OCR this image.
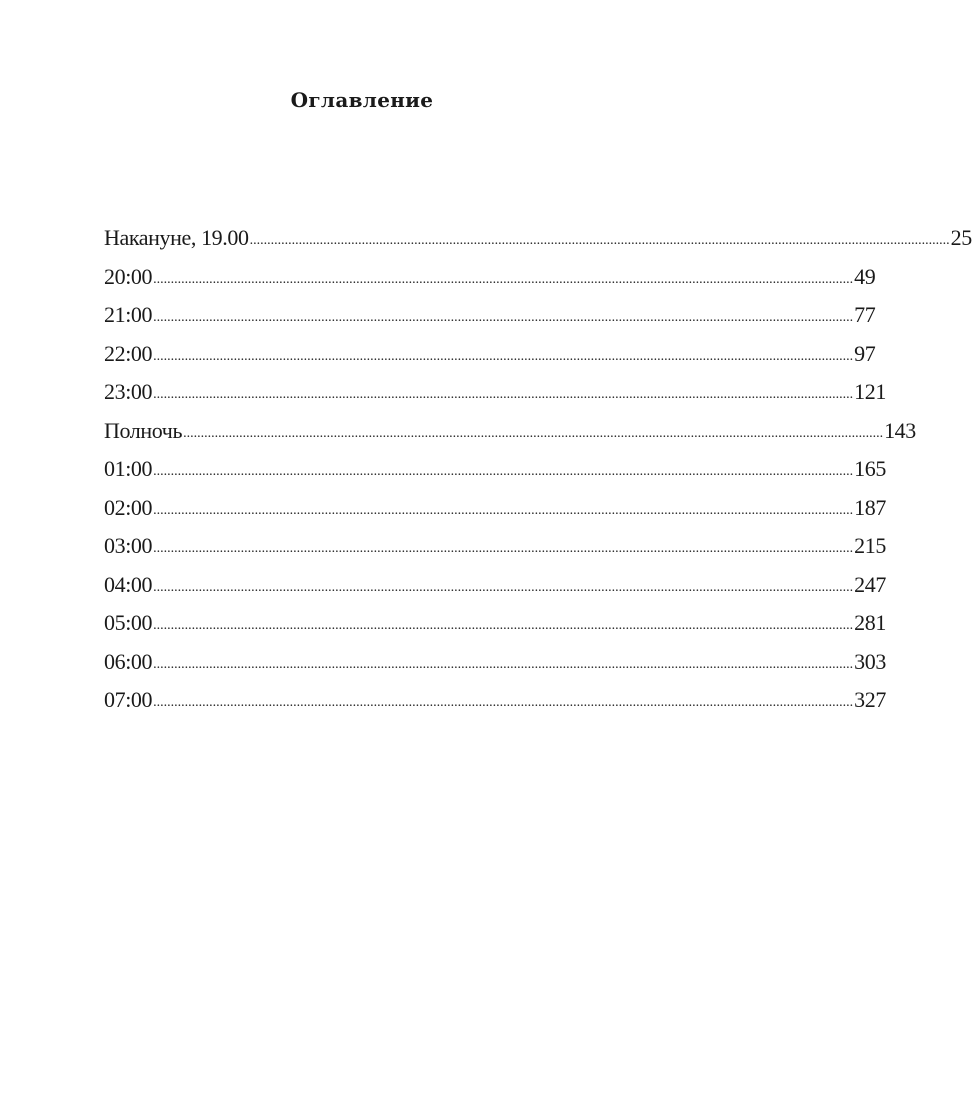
Оглавление
Накануне, 19.00 ........................................................................................................................................................................................................ 25
20:00 ........................................................................................................................................................................................................ 49
21:00 ........................................................................................................................................................................................................ 77
22:00 ........................................................................................................................................................................................................ 97
23:00 ........................................................................................................................................................................................................ 121
Полночь ........................................................................................................................................................................................................ 143
01:00 ........................................................................................................................................................................................................ 165
02:00 ........................................................................................................................................................................................................ 187
03:00 ........................................................................................................................................................................................................ 215
04:00 ........................................................................................................................................................................................................ 247
05:00 ........................................................................................................................................................................................................ 281
06:00 ........................................................................................................................................................................................................ 303
07:00 ........................................................................................................................................................................................................ 327
